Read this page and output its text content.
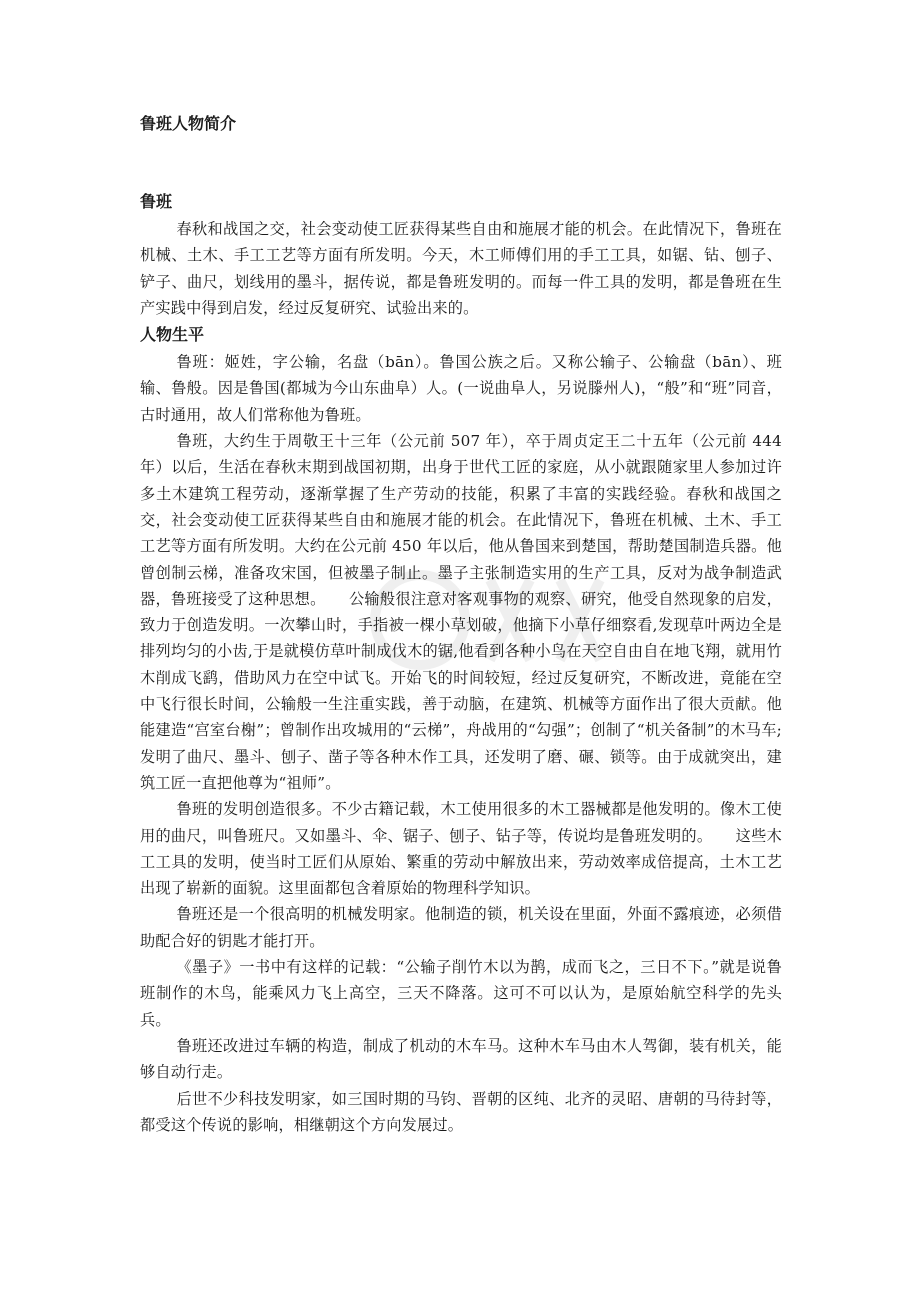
鲁班人物简介
鲁班

春秋和战国之交，社会变动使工匠获得某些自由和施展才能的机会。在此情况下，鲁班在机械、土木、手工工艺等方面有所发明。今天，木工师傅们用的手工工具，如锯、钻、刨子、铲子、曲尺，划线用的墨斗，据传说，都是鲁班发明的。而每一件工具的发明，都是鲁班在生产实践中得到启发，经过反复研究、试验出来的。

人物生平

鲁班：姬姓，字公输，名盘（bān）。鲁国公族之后。又称公输子、公输盘（bān）、班输、鲁般。因是鲁国(都城为今山东曲阜）人。(一说曲阜人，另说滕州人)，“般”和“班”同音，古时通用，故人们常称他为鲁班。

鲁班，大约生于周敬王十三年（公元前 507 年），卒于周贞定王二十五年（公元前 444 年）以后，生活在春秋末期到战国初期，出身于世代工匠的家庭，从小就跟随家里人参加过许多土木建筑工程劳动，逐渐掌握了生产劳动的技能，积累了丰富的实践经验。春秋和战国之交，社会变动使工匠获得某些自由和施展才能的机会。在此情况下，鲁班在机械、土木、手工工艺等方面有所发明。大约在公元前 450 年以后，他从鲁国来到楚国，帮助楚国制造兵器。他曾创制云梯，准备攻宋国，但被墨子制止。墨子主张制造实用的生产工具，反对为战争制造武器，鲁班接受了这种思想。　　公输般很注意对客观事物的观察、研究，他受自然现象的启发，致力于创造发明。一次攀山时，手指被一棵小草划破，他摘下小草仔细察看,发现草叶两边全是排列均匀的小齿,于是就模仿草叶制成伐木的锯,他看到各种小鸟在天空自由自在地飞翔，就用竹木削成飞鹞，借助风力在空中试飞。开始飞的时间较短，经过反复研究，不断改进，竟能在空中飞行很长时间，公输般一生注重实践，善于动脑，在建筑、机械等方面作出了很大贡献。他能建造“宫室台榭”；曾制作出攻城用的“云梯”，舟战用的“勾强”；创制了“机关备制”的木马车;发明了曲尺、墨斗、刨子、凿子等各种木作工具，还发明了磨、碾、锁等。由于成就突出，建筑工匠一直把他尊为“祖师”。

鲁班的发明创造很多。不少古籍记载，木工使用很多的木工器械都是他发明的。像木工使用的曲尺，叫鲁班尺。又如墨斗、伞、锯子、刨子、钻子等，传说均是鲁班发明的。　　这些木工工具的发明，使当时工匠们从原始、繁重的劳动中解放出来，劳动效率成倍提高，土木工艺出现了崭新的面貌。这里面都包含着原始的物理科学知识。

鲁班还是一个很高明的机械发明家。他制造的锁，机关设在里面，外面不露痕迹，必须借助配合好的钥匙才能打开。

《墨子》一书中有这样的记载：“公输子削竹木以为鹊，成而飞之，三日不下。”就是说鲁班制作的木鸟，能乘风力飞上高空，三天不降落。这可不可以认为，是原始航空科学的先头兵。

鲁班还改进过车辆的构造，制成了机动的木车马。这种木车马由木人驾御，装有机关，能够自动行走。

后世不少科技发明家，如三国时期的马钧、晋朝的区纯、北齐的灵昭、唐朝的马待封等，都受这个传说的影响，相继朝这个方向发展过。
